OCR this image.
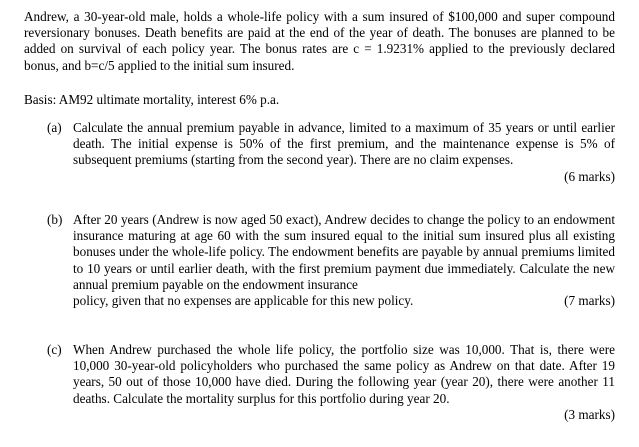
Andrew, a 30-year-old male, holds a whole-life policy with a sum insured of $100,000 and super compound reversionary bonuses. Death benefits are paid at the end of the year of death. The bonuses are planned to be added on survival of each policy year. The bonus rates are c = 1.9231% applied to the previously declared bonus, and b=c/5 applied to the initial sum insured.
Basis: AM92 ultimate mortality, interest 6% p.a.
(a) Calculate the annual premium payable in advance, limited to a maximum of 35 years or until earlier death. The initial expense is 50% of the first premium, and the maintenance expense is 5% of subsequent premiums (starting from the second year). There are no claim expenses.
(6 marks)
(b) After 20 years (Andrew is now aged 50 exact), Andrew decides to change the policy to an endowment insurance maturing at age 60 with the sum insured equal to the initial sum insured plus all existing bonuses under the whole-life policy. The endowment benefits are payable by annual premiums limited to 10 years or until earlier death, with the first premium payment due immediately. Calculate the new annual premium payable on the endowment insurance
policy, given that no expenses are applicable for this new policy.	(7 marks)
(c) When Andrew purchased the whole life policy, the portfolio size was 10,000. That is, there were 10,000 30-year-old policyholders who purchased the same policy as Andrew on that date. After 19 years, 50 out of those 10,000 have died. During the following year (year 20), there were another 11 deaths. Calculate the mortality surplus for this portfolio during year 20.
(3 marks)
